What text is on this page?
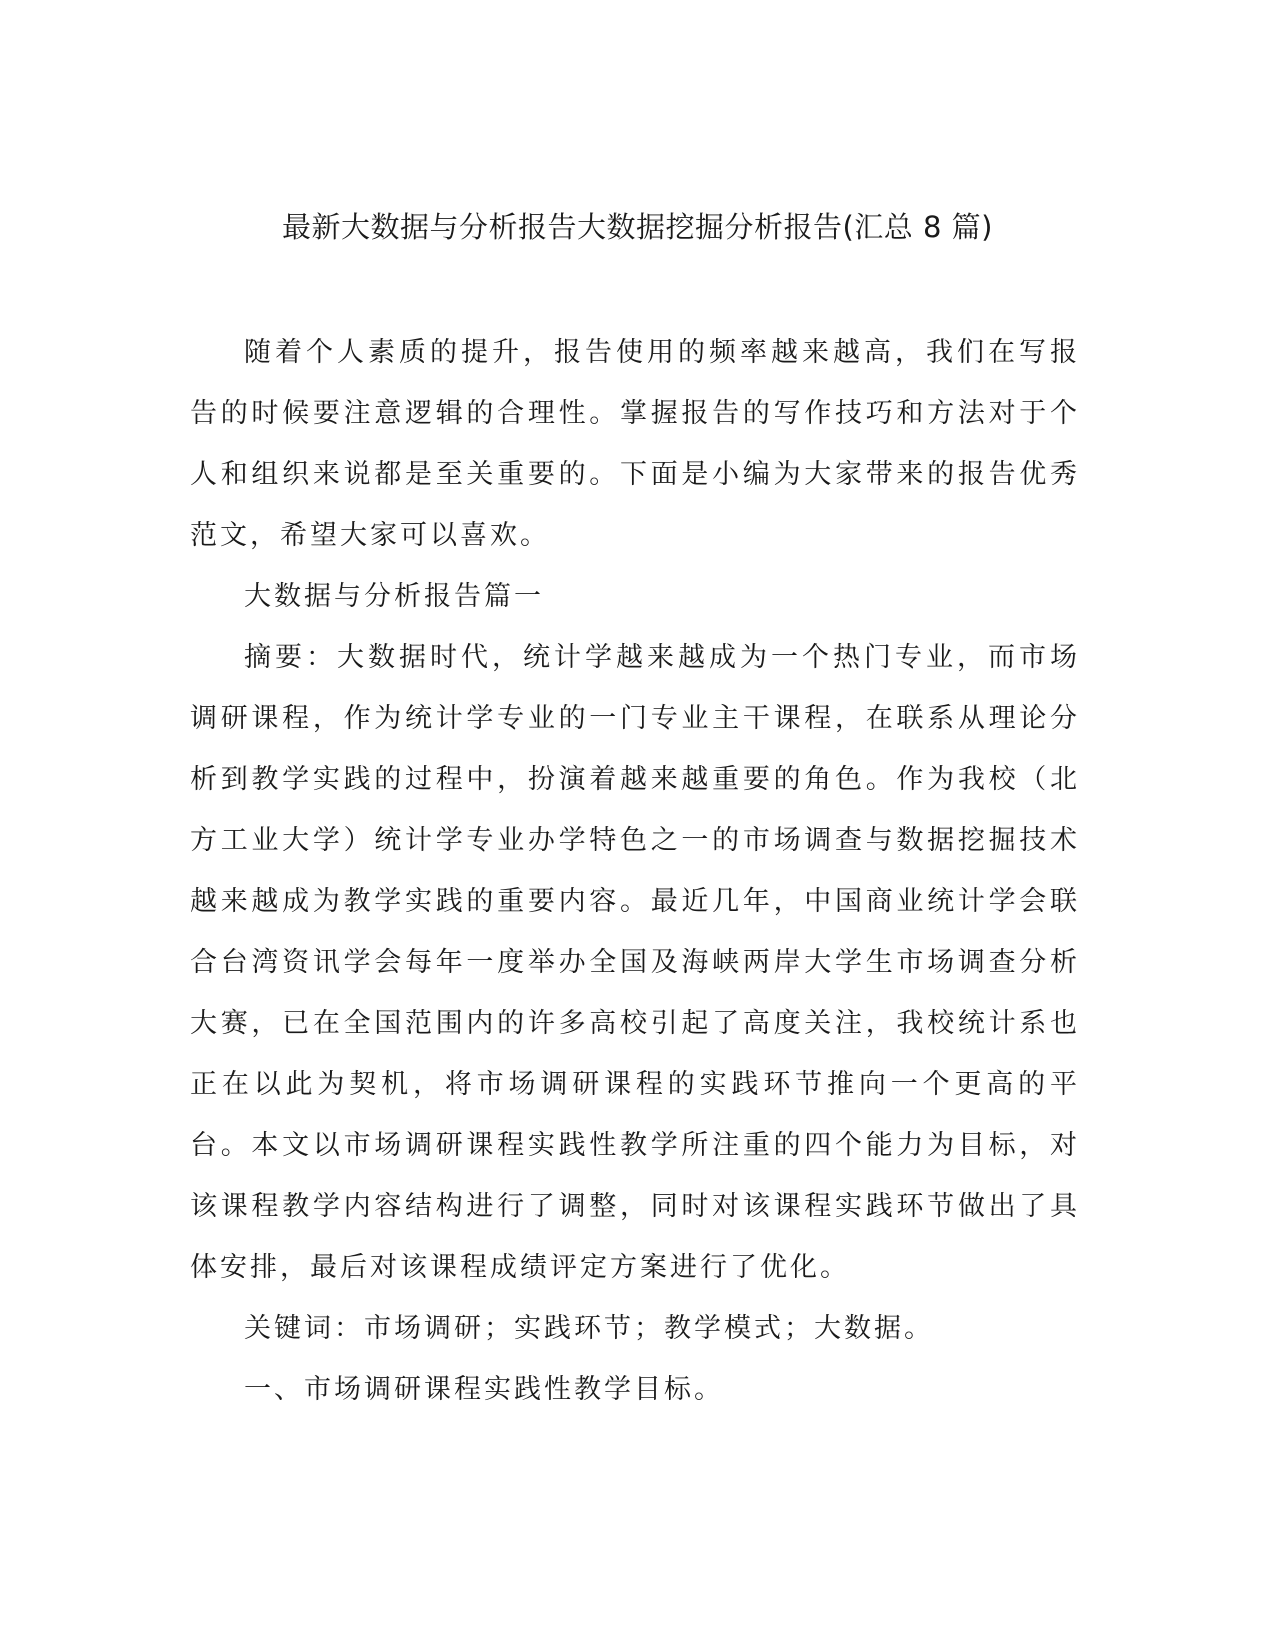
最新大数据与分析报告大数据挖掘分析报告(汇总 8 篇)

随着个人素质的提升，报告使用的频率越来越高，我们在写报告的时候要注意逻辑的合理性。掌握报告的写作技巧和方法对于个人和组织来说都是至关重要的。下面是小编为大家带来的报告优秀范文，希望大家可以喜欢。

大数据与分析报告篇一

摘要：大数据时代，统计学越来越成为一个热门专业，而市场调研课程，作为统计学专业的一门专业主干课程，在联系从理论分析到教学实践的过程中，扮演着越来越重要的角色。作为我校（北方工业大学）统计学专业办学特色之一的市场调查与数据挖掘技术越来越成为教学实践的重要内容。最近几年，中国商业统计学会联合台湾资讯学会每年一度举办全国及海峡两岸大学生市场调查分析大赛，已在全国范围内的许多高校引起了高度关注，我校统计系也正在以此为契机，将市场调研课程的实践环节推向一个更高的平台。本文以市场调研课程实践性教学所注重的四个能力为目标，对该课程教学内容结构进行了调整，同时对该课程实践环节做出了具体安排，最后对该课程成绩评定方案进行了优化。

关键词：市场调研；实践环节；教学模式；大数据。

一、市场调研课程实践性教学目标。
